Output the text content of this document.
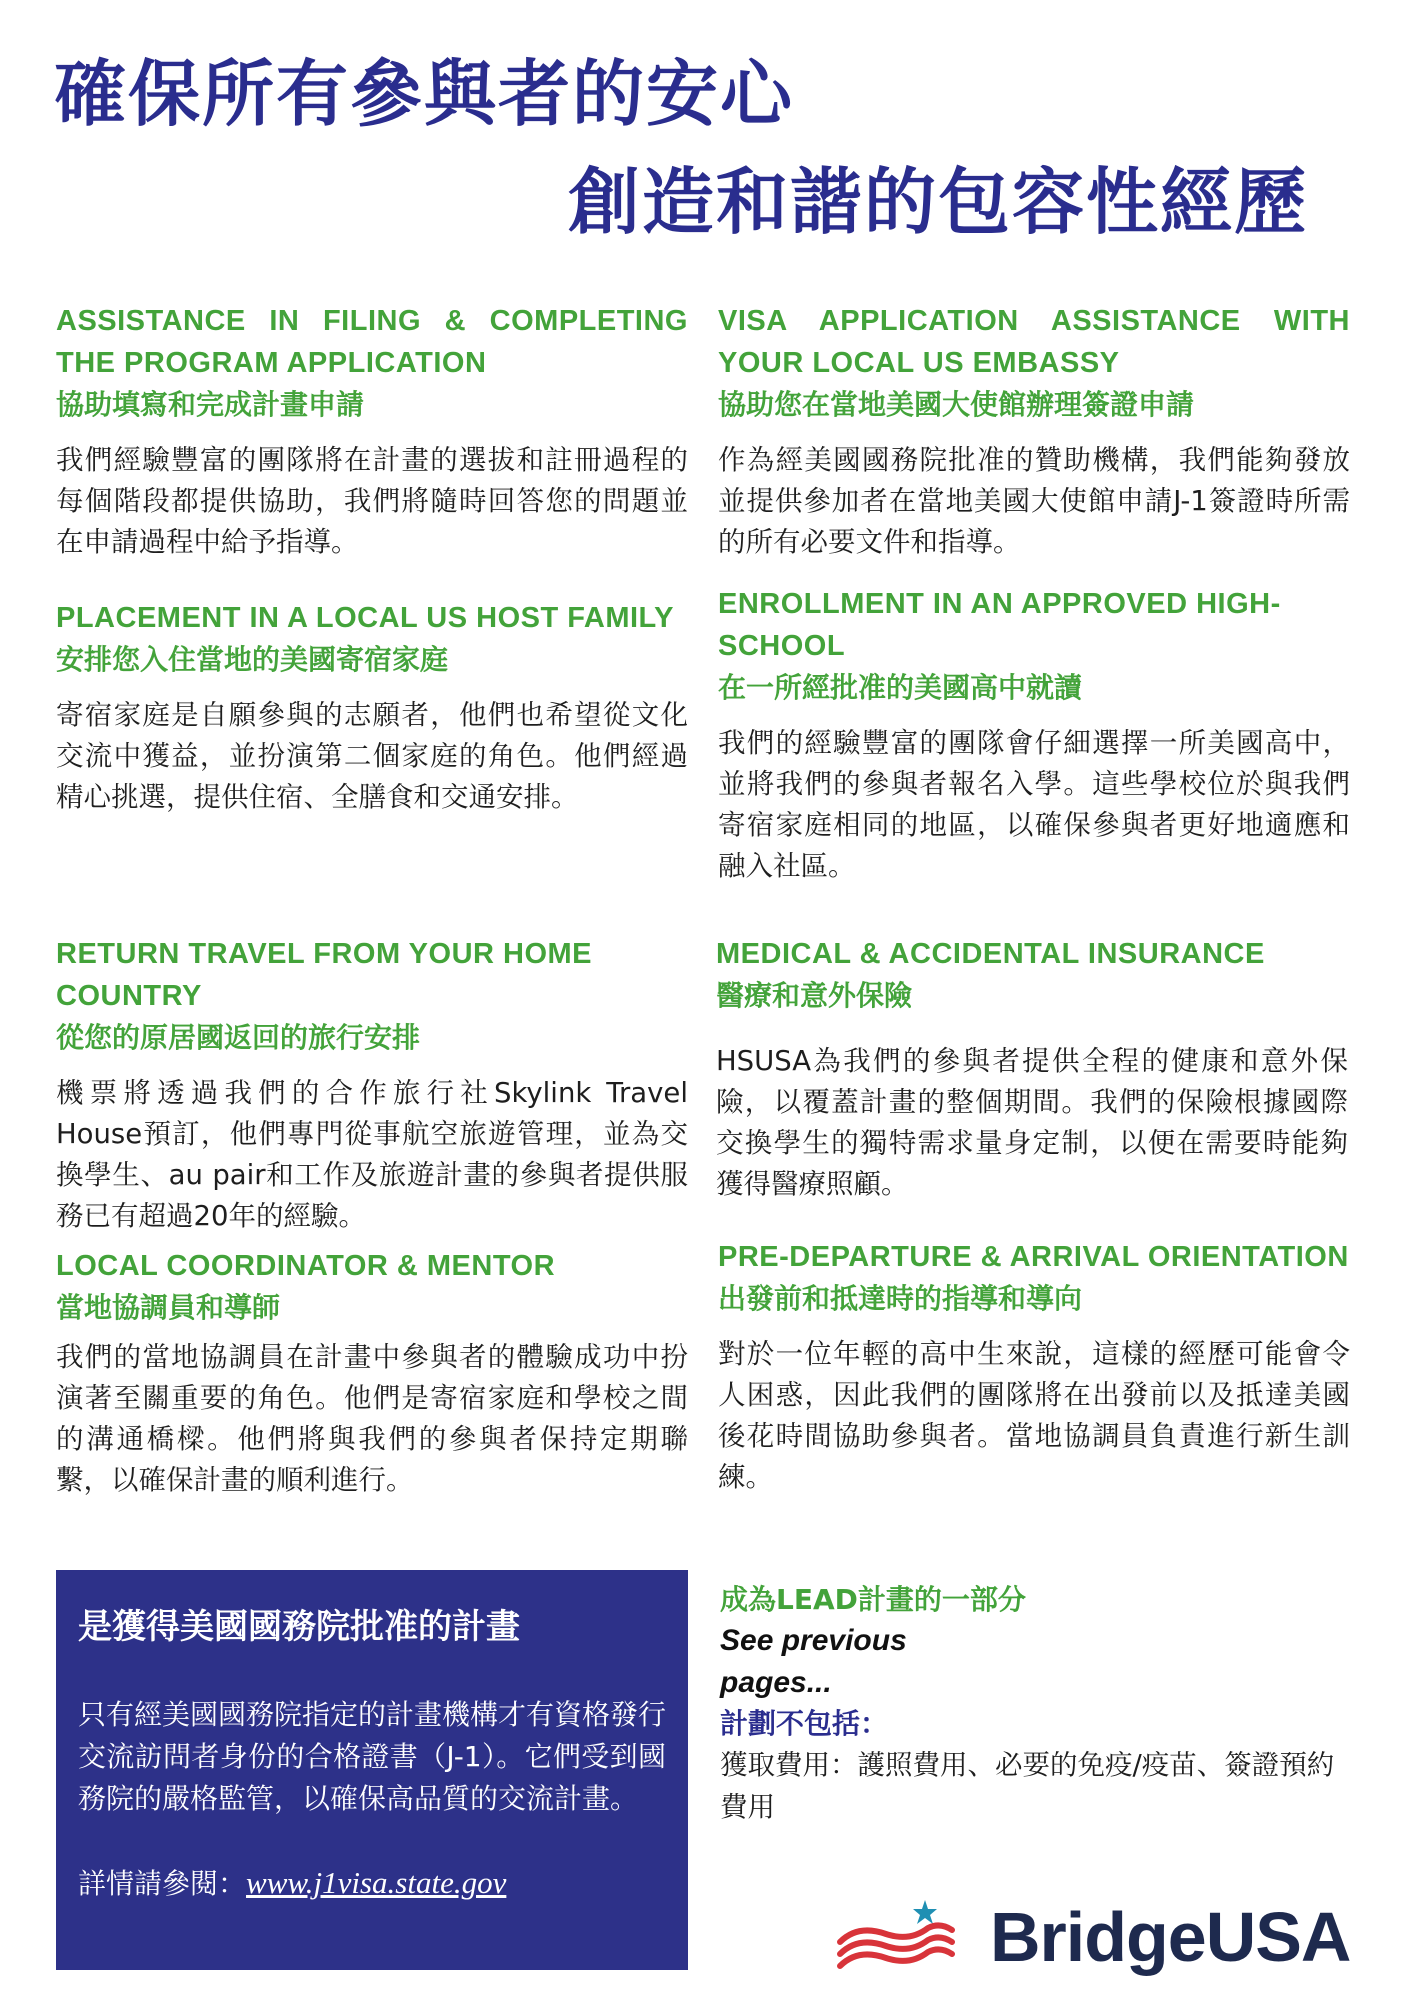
確保所有參與者的安心
創造和諧的包容性經歷
ASSISTANCE IN FILING & COMPLETING THE PROGRAM APPLICATION
協助填寫和完成計畫申請
我們經驗豐富的團隊將在計畫的選拔和註冊過程的每個階段都提供協助，我們將隨時回答您的問題並在申請過程中給予指導。
PLACEMENT IN A LOCAL US HOST FAMILY
安排您入住當地的美國寄宿家庭
寄宿家庭是自願參與的志願者，他們也希望從文化交流中獲益，並扮演第二個家庭的角色。他們經過精心挑選，提供住宿、全膳食和交通安排。
RETURN TRAVEL FROM YOUR HOME COUNTRY
從您的原居國返回的旅行安排
機票將透過我們的合作旅行社Skylink Travel House預訂，他們專門從事航空旅遊管理，並為交換學生、au pair和工作及旅遊計畫的參與者提供服務已有超過20年的經驗。
LOCAL COORDINATOR & MENTOR
當地協調員和導師
我們的當地協調員在計畫中參與者的體驗成功中扮演著至關重要的角色。他們是寄宿家庭和學校之間的溝通橋樑。他們將與我們的參與者保持定期聯繫，以確保計畫的順利進行。
VISA APPLICATION ASSISTANCE WITH YOUR LOCAL US EMBASSY
協助您在當地美國大使館辦理簽證申請
作為經美國國務院批准的贊助機構，我們能夠發放並提供參加者在當地美國大使館申請J-1簽證時所需的所有必要文件和指導。
ENROLLMENT IN AN APPROVED HIGH-SCHOOL
在一所經批准的美國高中就讀
我們的經驗豐富的團隊會仔細選擇一所美國高中，並將我們的參與者報名入學。這些學校位於與我們寄宿家庭相同的地區，以確保參與者更好地適應和融入社區。
MEDICAL & ACCIDENTAL INSURANCE
醫療和意外保險
HSUSA為我們的參與者提供全程的健康和意外保險，以覆蓋計畫的整個期間。我們的保險根據國際交換學生的獨特需求量身定制，以便在需要時能夠獲得醫療照顧。
PRE-DEPARTURE & ARRIVAL ORIENTATION
出發前和抵達時的指導和導向
對於一位年輕的高中生來說，這樣的經歷可能會令人困惑，因此我們的團隊將在出發前以及抵達美國後花時間協助參與者。當地協調員負責進行新生訓練。
是獲得美國國務院批准的計畫
只有經美國國務院指定的計畫機構才有資格發行交流訪問者身份的合格證書（J-1）。它們受到國務院的嚴格監管，以確保高品質的交流計畫。
詳情請參閱：www.j1visa.state.gov
成為LEAD計畫的一部分
See previous pages...
計劃不包括：
獲取費用：護照費用、必要的免疫/疫苗、簽證預約費用
BridgeUSA
